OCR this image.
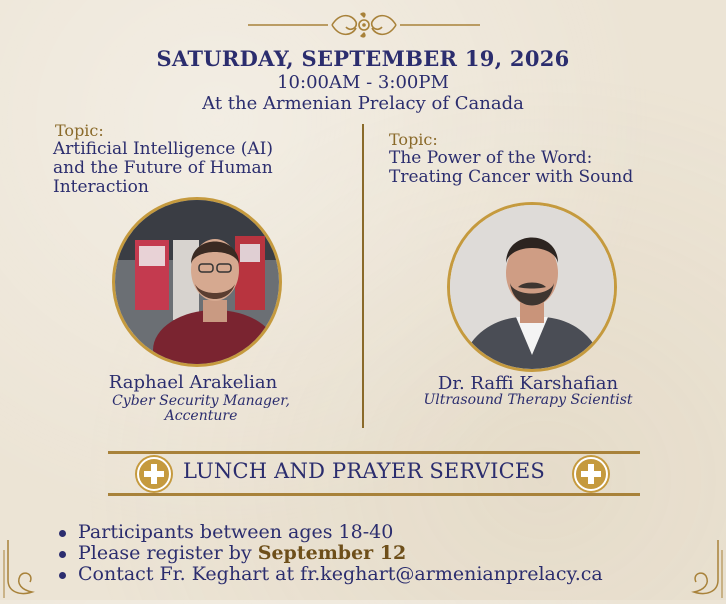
SATURDAY, SEPTEMBER 19, 2026
10:00AM - 3:00PM
At the Armenian Prelacy of Canada
Topic:
Artificial Intelligence (AI)
and the Future of Human
Interaction
Raphael Arakelian
Cyber Security Manager,
Accenture
Topic:
The Power of the Word:
Treating Cancer with Sound
Dr. Raffi Karshafian
Ultrasound Therapy Scientist
LUNCH AND PRAYER SERVICES
Participants between ages 18-40
Please register by September 12
Contact Fr. Keghart at fr.keghart@armenianprelacy.ca
